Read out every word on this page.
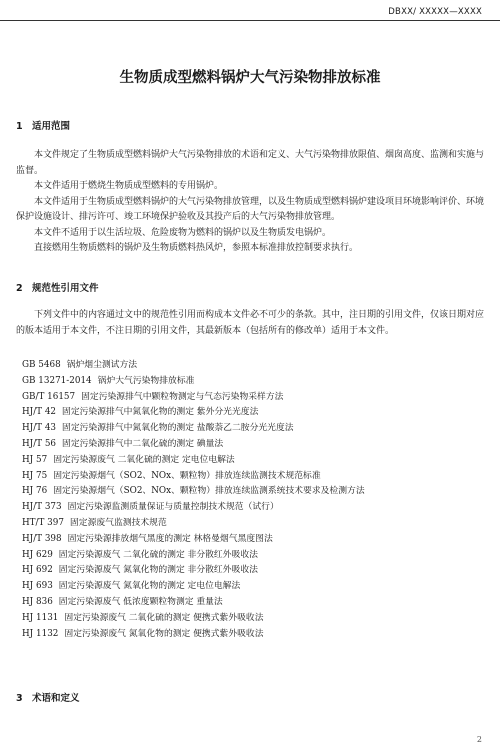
DBXX/ XXXXX—XXXX
生物质成型燃料锅炉大气污染物排放标准
1 适用范围

本文件规定了生物质成型燃料锅炉大气污染物排放的术语和定义、大气污染物排放限值、烟囱高度、监测和实施与监督。

本文件适用于燃烧生物质成型燃料的专用锅炉。

本文件适用于生物质成型燃料锅炉的大气污染物排放管理，以及生物质成型燃料锅炉建设项目环境影响评价、环境保护设施设计、排污许可、竣工环境保护验收及其投产后的大气污染物排放管理。

本文件不适用于以生活垃圾、危险废物为燃料的锅炉以及生物质发电锅炉。

直接燃用生物质燃料的锅炉及生物质燃料热风炉，参照本标准排放控制要求执行。

2 规范性引用文件

下列文件中的内容通过文中的规范性引用而构成本文件必不可少的条款。其中，注日期的引用文件，仅该日期对应的版本适用于本文件，不注日期的引用文件，其最新版本（包括所有的修改单）适用于本文件。

GB 5468 锅炉烟尘测试方法
GB 13271-2014 锅炉大气污染物排放标准
GB/T 16157 固定污染源排气中颗粒物测定与气态污染物采样方法
HJ/T 42 固定污染源排气中氮氧化物的测定 紫外分光光度法
HJ/T 43 固定污染源排气中氮氧化物的测定 盐酸萘乙二胺分光光度法
HJ/T 56 固定污染源排气中二氧化硫的测定 碘量法
HJ 57 固定污染源废气 二氧化硫的测定 定电位电解法
HJ 75 固定污染源烟气（SO2、NOx、颗粒物）排放连续监测技术规范标准
HJ 76 固定污染源烟气（SO2、NOx、颗粒物）排放连续监测系统技术要求及检测方法
HJ/T 373 固定污染源监测质量保证与质量控制技术规范（试行）
HT/T 397 固定源废气监测技术规范
HJ/T 398 固定污染源排放烟气黑度的测定 林格曼烟气黑度图法
HJ 629 固定污染源废气 二氧化硫的测定 非分散红外吸收法
HJ 692 固定污染源废气 氮氧化物的测定 非分散红外吸收法
HJ 693 固定污染源废气 氮氧化物的测定 定电位电解法
HJ 836 固定污染源废气 低浓度颗粒物测定 重量法
HJ 1131 固定污染源废气 二氧化硫的测定 便携式紫外吸收法
HJ 1132 固定污染源废气 氮氧化物的测定 便携式紫外吸收法
3 术语和定义
2
